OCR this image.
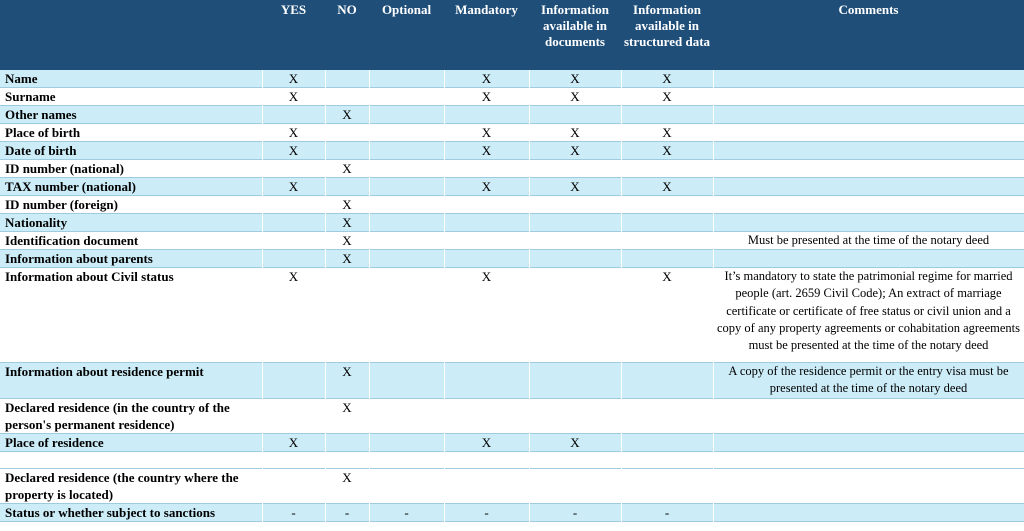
	YES	NO	Optional	Mandatory	Information available in documents	Information available in structured data	Comments
Name	X			X	X	X	
Surname	X			X	X	X	
Other names		X					
Place of birth	X			X	X	X	
Date of birth	X			X	X	X	
ID number (national)		X					
TAX number (national)	X			X	X	X	
ID number (foreign)		X					
Nationality		X					
Identification document		X					Must be presented at the time of the notary deed
Information about parents		X					
Information about Civil status	X			X		X	It’s mandatory to state the patrimonial regime for married people (art. 2659 Civil Code); An extract of marriage certificate or certificate of free status or civil union and a copy of any property agreements or cohabitation agreements must be presented at the time of the notary deed
Information about residence permit		X					A copy of the residence permit or the entry visa must be presented at the time of the notary deed
Declared residence (in the country of the person's permanent residence)		X					
Place of residence	X			X	X		

Declared residence (the country where the property is located)		X					
Status or whether subject to sanctions	-	-	-	-	-	-	
